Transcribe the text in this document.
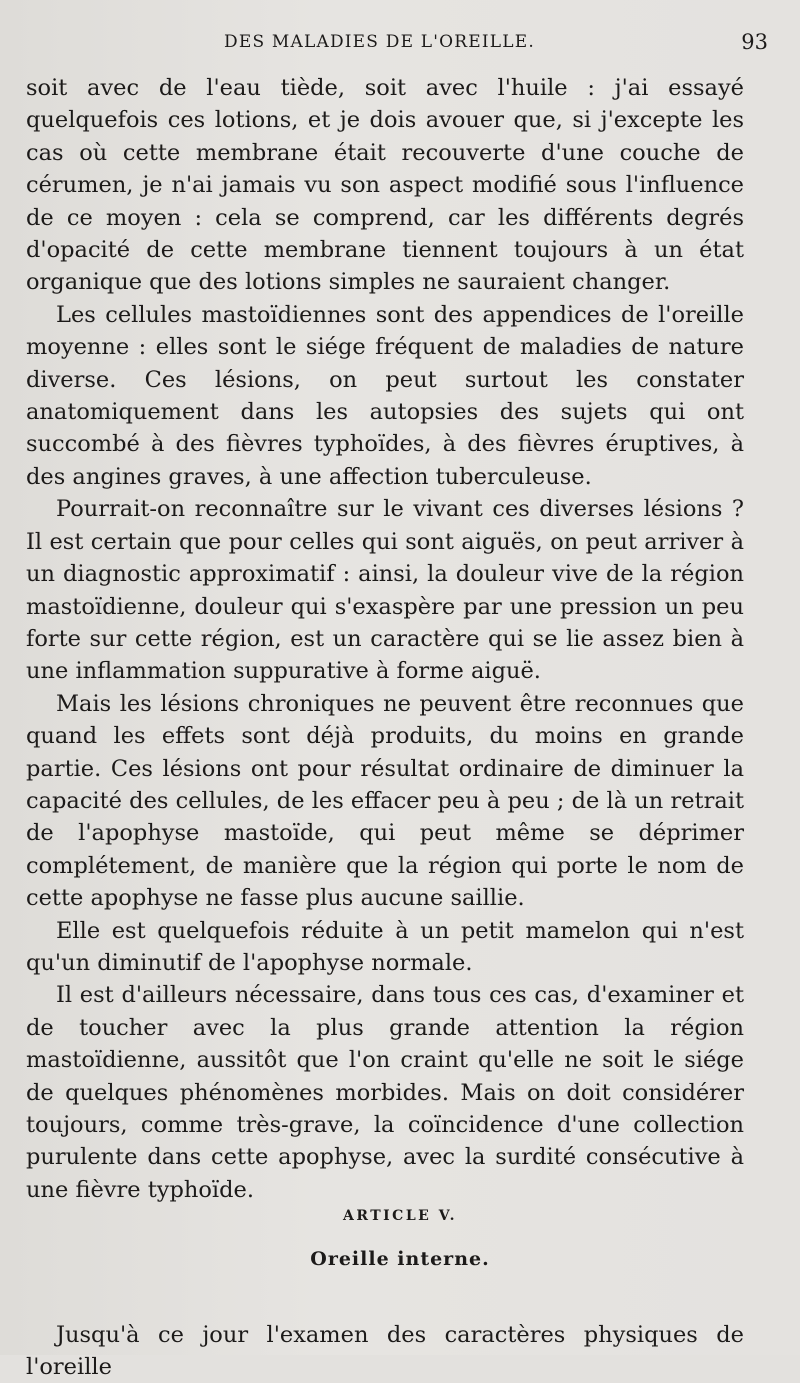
DES MALADIES DE L'OREILLE.	93

soit avec de l'eau tiède, soit avec l'huile : j'ai essayé quelquefois ces lotions, et je dois avouer que, si j'excepte les cas où cette membrane était recouverte d'une couche de cérumen, je n'ai jamais vu son aspect modifié sous l'influence de ce moyen : cela se comprend, car les différents degrés d'opacité de cette membrane tiennent toujours à un état organique que des lotions simples ne sauraient changer.

Les cellules mastoïdiennes sont des appendices de l'oreille moyenne : elles sont le siége fréquent de maladies de nature diverse. Ces lésions, on peut surtout les constater anatomiquement dans les autopsies des sujets qui ont succombé à des fièvres typhoïdes, à des fièvres éruptives, à des angines graves, à une affection tuberculeuse.

Pourrait-on reconnaître sur le vivant ces diverses lésions ? Il est certain que pour celles qui sont aiguës, on peut arriver à un diagnostic approximatif : ainsi, la douleur vive de la région mastoïdienne, douleur qui s'exaspère par une pression un peu forte sur cette région, est un caractère qui se lie assez bien à une inflammation suppurative à forme aiguë.

Mais les lésions chroniques ne peuvent être reconnues que quand les effets sont déjà produits, du moins en grande partie. Ces lésions ont pour résultat ordinaire de diminuer la capacité des cellules, de les effacer peu à peu ; de là un retrait de l'apophyse mastoïde, qui peut même se déprimer complétement, de manière que la région qui porte le nom de cette apophyse ne fasse plus aucune saillie.

Elle est quelquefois réduite à un petit mamelon qui n'est qu'un diminutif de l'apophyse normale.

Il est d'ailleurs nécessaire, dans tous ces cas, d'examiner et de toucher avec la plus grande attention la région mastoïdienne, aussitôt que l'on craint qu'elle ne soit le siége de quelques phénomènes morbides. Mais on doit considérer toujours, comme très-grave, la coïncidence d'une collection purulente dans cette apophyse, avec la surdité consécutive à une fièvre typhoïde.

ARTICLE V.
Oreille interne.

Jusqu'à ce jour l'examen des caractères physiques de l'oreille
